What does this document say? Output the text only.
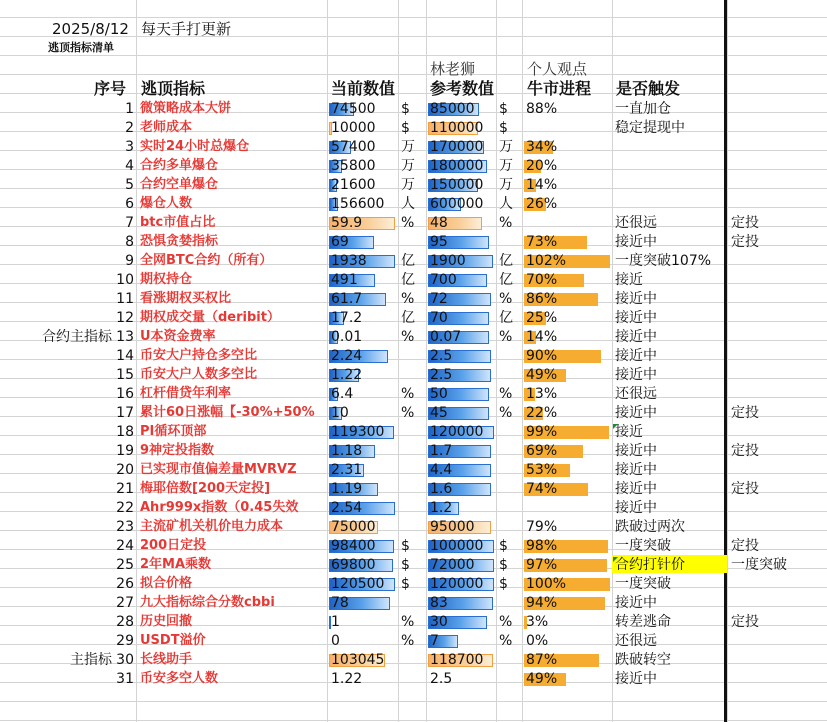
2025/8/12 每天手打更新
逃顶指标清单
林老狮	个人观点
序号 逃顶指标	当前数值 参考数值 牛市进程 是否触发
1 微策略成本大饼	74500 $ 85000 $ 88%	一直加仓
2 老师成本	10000 $ 110000 $	稳定提现中
3 实时24小时总爆仓	57400 万 170000 万 34%
4 合约多单爆仓	35800 万 180000 万 20%
5 合约空单爆仓	21600 万 150000 万 14%
6 爆仓人数	156600 人 600000 人 26%
7 btc市值占比	59.9	% 48	%	还很远	定投
8 恐惧贪婪指标	69	95	73%	接近中	定投
9 全网BTC合约（所有）	1938 亿 1900 亿 102%	一度突破107%
10 期权持仓	491	亿 700	亿 70%	接近
11 看涨期权买权比	61.7	% 72	% 86%	接近中
12 期权成交量（deribit）	17.2	亿 70	亿 25%	接近中
合约主指标 13 U本资金费率	0.01	% 0.07	% 14%	接近中
14 币安大户持仓多空比	2.24	2.5	90%	接近中
15 币安大户人数多空比	1.22	2.5	49%	接近中
16 杠杆借贷年利率	6.4	% 50	% 13%	还很远
17 累计60日涨幅【-30%+50% 10	% 45	% 22%	接近中	定投
18 PI循环顶部	119300	120000	99%	接近
19 9神定投指数	1.18	1.7	69%	接近中	定投
20 已实现市值偏差量MVRVZ 2.31	4.4	53%	接近中
21 梅耶倍数[200天定投]	1.19	1.6	74%	接近中	定投
22 Ahr999x指数（0.45失效 2.54	1.2	接近中
23 主流矿机关机价电力成本	75000	95000	79%	跌破过两次
24 200日定投	98400 $ 100000 $ 98%	一度突破	定投
25 2年MA乘数	69800 $ 72000 $ 97%	合约打针价	一度突破
26 拟合价格	120500 $ 120000 $ 100%	一度突破
27 九大指标综合分数cbbi	78	83	94%	接近中
28 历史回撤	1	% 30	% 3%	转差逃命	定投
29 USDT溢价	0	% 7	% 0%	还很远
主指标 30 长线助手	103045	118700	87%	跌破转空
31 币安多空人数	1.22	2.5	49%	接近中
